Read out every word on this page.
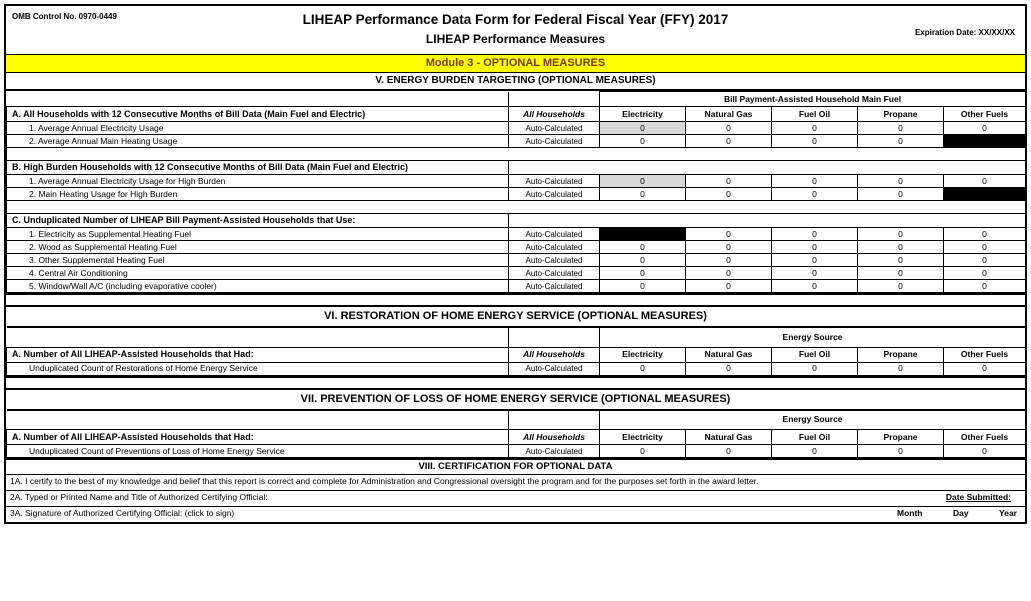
OMB Control No. 0970-0449
Expiration Date: XX/XX/XX
LIHEAP Performance Data Form for Federal Fiscal Year (FFY) 2017
LIHEAP Performance Measures
Module 3 - OPTIONAL MEASURES
V. ENERGY BURDEN TARGETING (OPTIONAL MEASURES)
		Bill Payment-Assisted Household Main Fuel				
A. All Households with 12 Consecutive Months of Bill Data (Main Fuel and Electric)	All Households	Electricity	Natural Gas	Fuel Oil	Propane	Other Fuels
1. Average Annual Electricity Usage	Auto-Calculated	0	0	0	0	0
2. Average Annual Main Heating Usage	Auto-Calculated	0	0	0	0	

B. High Burden Households with 12 Consecutive Months of Bill Data (Main Fuel and Electric)						
1. Average Annual Electricity Usage for High Burden	Auto-Calculated	0	0	0	0	0
2. Main Heating Usage for High Burden	Auto-Calculated	0	0	0	0	

C. Unduplicated Number of LIHEAP Bill Payment-Assisted Households that Use:						
1. Electricity as Supplemental Heating Fuel	Auto-Calculated		0	0	0	0
2. Wood as Supplemental Heating Fuel	Auto-Calculated	0	0	0	0	0
3. Other Supplemental Heating Fuel	Auto-Calculated	0	0	0	0	0
4. Central Air Conditioning	Auto-Calculated	0	0	0	0	0
5. Window/Wall A/C (including evaporative cooler)	Auto-Calculated	0	0	0	0	0
VI. RESTORATION OF HOME ENERGY SERVICE (OPTIONAL MEASURES)
		Energy Source				
A. Number of All LIHEAP-Assisted Households that Had:	All Households	Electricity	Natural Gas	Fuel Oil	Propane	Other Fuels
Unduplicated Count of Restorations of Home Energy Service	Auto-Calculated	0	0	0	0	0
VII. PREVENTION OF LOSS OF HOME ENERGY SERVICE (OPTIONAL MEASURES)
		Energy Source				
A. Number of All LIHEAP-Assisted Households that Had:	All Households	Electricity	Natural Gas	Fuel Oil	Propane	Other Fuels
Unduplicated Count of Preventions of Loss of Home Energy Service	Auto-Calculated	0	0	0	0	0
VIII. CERTIFICATION FOR OPTIONAL DATA
1A. I certify to the best of my knowledge and belief that this report is correct and complete for Administration and Congressional oversight the program and for the purposes set forth in the award letter.
2A. Typed or Printed Name and Title of Authorized Certifying Official:	Date Submitted:
3A. Signature of Authorized Certifying Official: (click to sign)	Month	Day	Year
